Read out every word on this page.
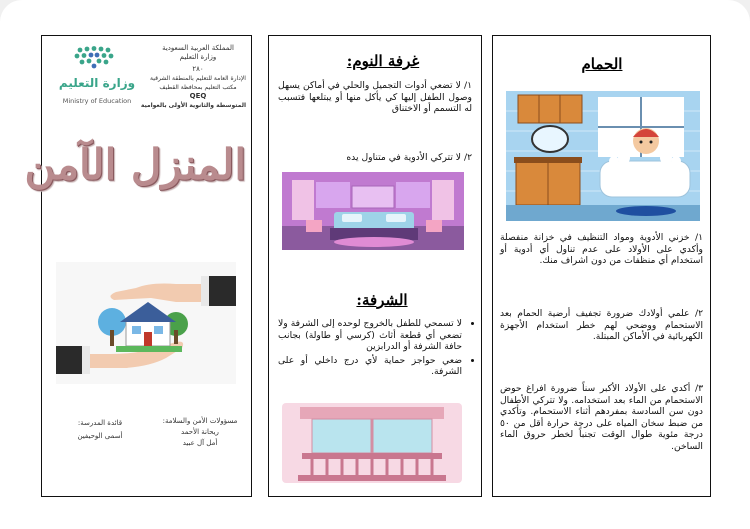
وزارة التعليم
Ministry of Education
المملكة العربية السعودية
وزارة التعليم
٢٨٠
الإدارة العامة للتعليم بالمنطقة الشرقية
مكتب التعليم بمحافظة القطيف
QEQ
المتوسطة والثانوية الأولى بالعوامية
المنزل الآمن
قائدة المدرسة:
أسمى الوحيفين
مسؤولات الأمن والسلامة:
ريحانة الأحمد
أمل آل عبيد
غرفة النوم:
١/ لا تضعي أدوات التجميل والحلي في أماكن يسهل وصول الطفل إليها كي يأكل منها أو يبتلعها فتسبب له التسمم أو الاختناق
٢/ لا تتركي الأدوية في متناول يده
الشرفة:
• لا تسمحي للطفل بالخروج لوحده إلى الشرفة ولا تضعي أي قطعة أثاث (كرسي أو طاولة) بجانب حافة الشرفة أو الدرابزين
• ضعي حواجز حماية لأي درج داخلي أو على الشرفة.
الحمام
١/ خزني الأدوية ومواد التنظيف في خزانة منفصلة وأكدي على الأولاد على عدم تناول أي أدوية أو استخدام أي منظفات من دون اشراف منك.
٢/ علمي أولادك ضرورة تجفيف أرضية الحمام بعد الاستحمام ووضحي لهم خطر استخدام الأجهزة الكهربائية في الأماكن المبتلة.
٣/ أكدي على الأولاد الأكبر سناً ضرورة افراغ حوض الاستحمام من الماء بعد استخدامه. ولا تتركي الأطفال دون سن السادسة بمفردهم أثناء الاستحمام. وتأكدي من ضبط سخان المياه على درجة حرارة أقل من ٥٠ درجة مئوية طوال الوقت تجنباً لخطر حروق الماء الساخن.
